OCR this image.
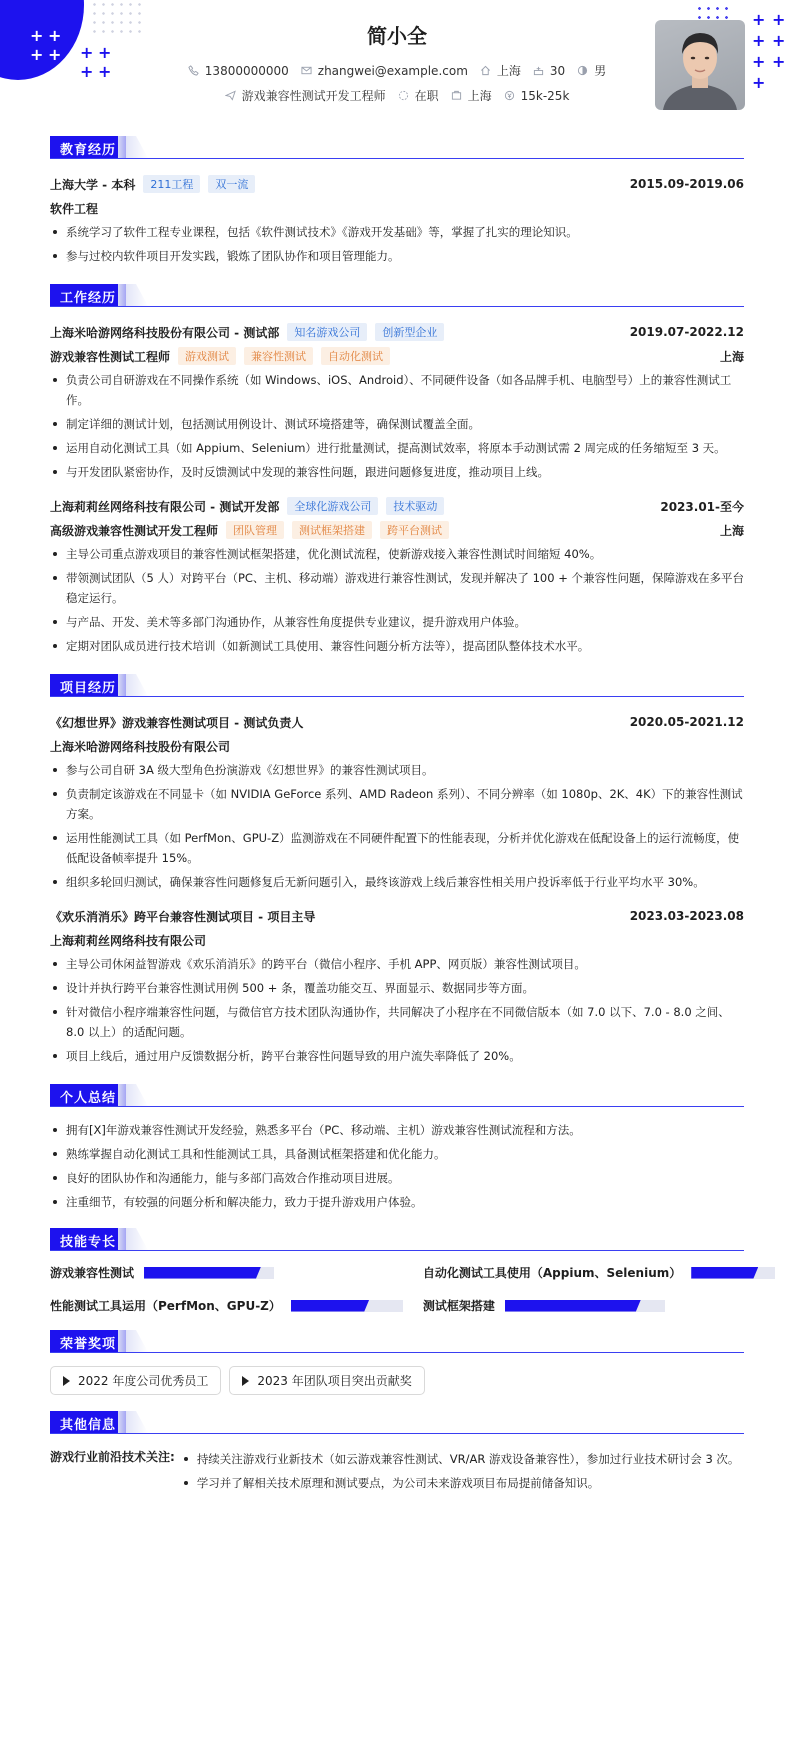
+ +
+ + + +
+ +
+ +
+ +
+ +
+
简小全
13800000000 zhangwei@example.com 上海 30 男
游戏兼容性测试开发工程师 在职 上海 15k-25k
教育经历
上海大学 - 本科	211工程	双一流	2015.09-2019.06
软件工程
系统学习了软件工程专业课程，包括《软件测试技术》《游戏开发基础》等，掌握了扎实的理论知识。
参与过校内软件项目开发实践，锻炼了团队协作和项目管理能力。
工作经历
上海米哈游网络科技股份有限公司 - 测试部	知名游戏公司	创新型企业	2019.07-2022.12
游戏兼容性测试工程师	游戏测试	兼容性测试	自动化测试	上海
负责公司自研游戏在不同操作系统（如 Windows、iOS、Android）、不同硬件设备（如各品牌手机、电脑型号）上的兼容性测试工作。
制定详细的测试计划，包括测试用例设计、测试环境搭建等，确保测试覆盖全面。
运用自动化测试工具（如 Appium、Selenium）进行批量测试，提高测试效率，将原本手动测试需 2 周完成的任务缩短至 3 天。
与开发团队紧密协作，及时反馈测试中发现的兼容性问题，跟进问题修复进度，推动项目上线。
上海莉莉丝网络科技有限公司 - 测试开发部	全球化游戏公司	技术驱动	2023.01-至今
高级游戏兼容性测试开发工程师	团队管理	测试框架搭建	跨平台测试	上海
主导公司重点游戏项目的兼容性测试框架搭建，优化测试流程，使新游戏接入兼容性测试时间缩短 40%。
带领测试团队（5 人）对跨平台（PC、主机、移动端）游戏进行兼容性测试，发现并解决了 100 + 个兼容性问题，保障游戏在多平台稳定运行。
与产品、开发、美术等多部门沟通协作，从兼容性角度提供专业建议，提升游戏用户体验。
定期对团队成员进行技术培训（如新测试工具使用、兼容性问题分析方法等），提高团队整体技术水平。
项目经历
《幻想世界》游戏兼容性测试项目 - 测试负责人	2020.05-2021.12
上海米哈游网络科技股份有限公司
参与公司自研 3A 级大型角色扮演游戏《幻想世界》的兼容性测试项目。
负责制定该游戏在不同显卡（如 NVIDIA GeForce 系列、AMD Radeon 系列）、不同分辨率（如 1080p、2K、4K）下的兼容性测试方案。
运用性能测试工具（如 PerfMon、GPU-Z）监测游戏在不同硬件配置下的性能表现，分析并优化游戏在低配设备上的运行流畅度，使低配设备帧率提升 15%。
组织多轮回归测试，确保兼容性问题修复后无新问题引入，最终该游戏上线后兼容性相关用户投诉率低于行业平均水平 30%。
《欢乐消消乐》跨平台兼容性测试项目 - 项目主导	2023.03-2023.08
上海莉莉丝网络科技有限公司
主导公司休闲益智游戏《欢乐消消乐》的跨平台（微信小程序、手机 APP、网页版）兼容性测试项目。
设计并执行跨平台兼容性测试用例 500 + 条，覆盖功能交互、界面显示、数据同步等方面。
针对微信小程序端兼容性问题，与微信官方技术团队沟通协作，共同解决了小程序在不同微信版本（如 7.0 以下、7.0 - 8.0 之间、8.0 以上）的适配问题。
项目上线后，通过用户反馈数据分析，跨平台兼容性问题导致的用户流失率降低了 20%。
个人总结
拥有[X]年游戏兼容性测试开发经验，熟悉多平台（PC、移动端、主机）游戏兼容性测试流程和方法。
熟练掌握自动化测试工具和性能测试工具，具备测试框架搭建和优化能力。
良好的团队协作和沟通能力，能与多部门高效合作推动项目进展。
注重细节，有较强的问题分析和解决能力，致力于提升游戏用户体验。
技能专长
游戏兼容性测试	自动化测试工具使用（Appium、Selenium）
性能测试工具运用（PerfMon、GPU-Z）	测试框架搭建
荣誉奖项
2022 年度公司优秀员工	2023 年团队项目突出贡献奖
其他信息
游戏行业前沿技术关注:	持续关注游戏行业新技术（如云游戏兼容性测试、VR/AR 游戏设备兼容性），参加过行业技术研讨会 3 次。
学习并了解相关技术原理和测试要点，为公司未来游戏项目布局提前储备知识。
